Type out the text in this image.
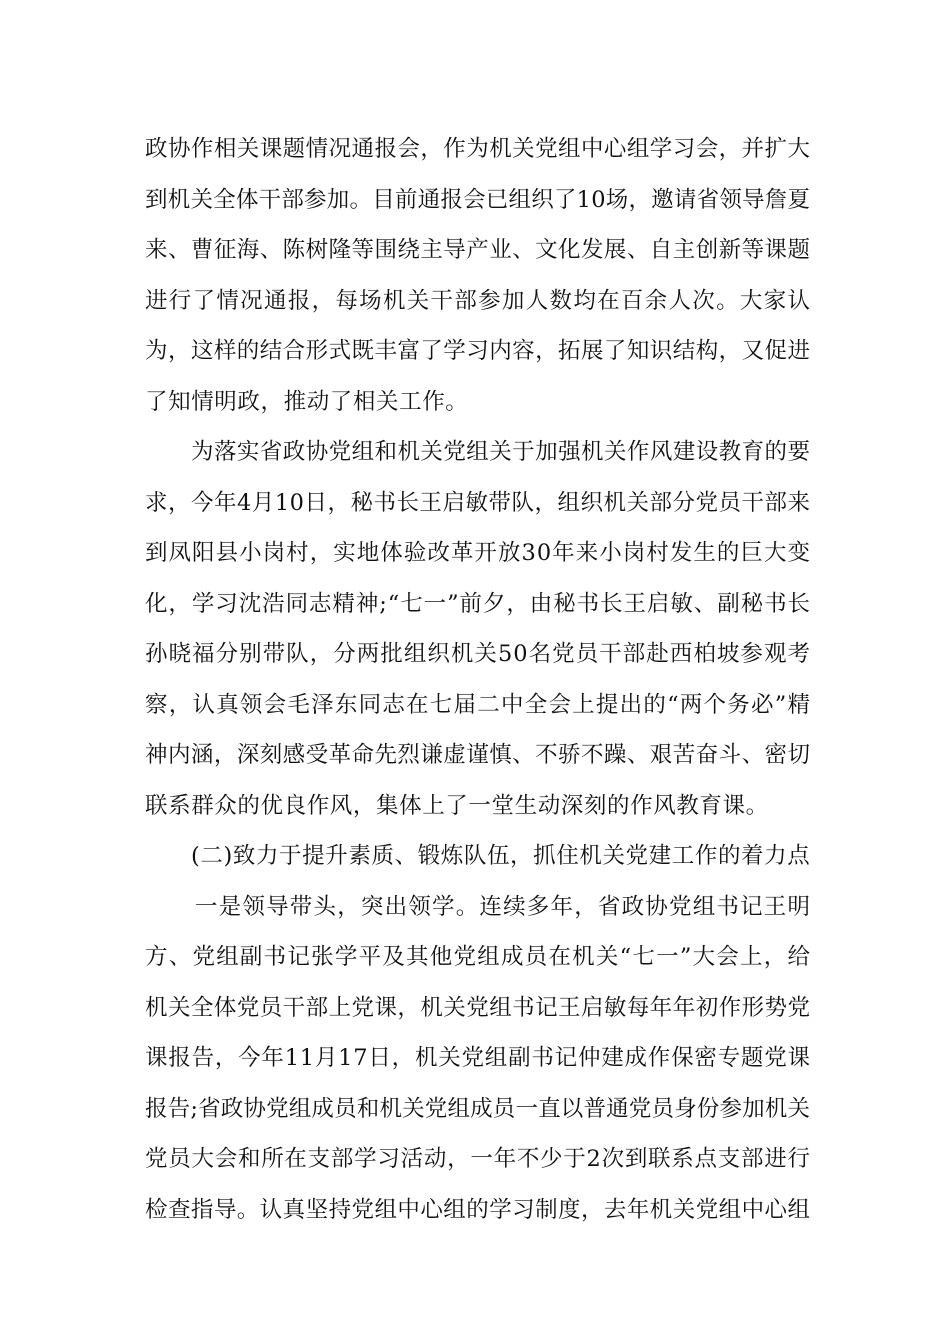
政协作相关课题情况通报会，作为机关党组中心组学习会，并扩大
到机关全体干部参加。目前通报会已组织了10场，邀请省领导詹夏
来、曹征海、陈树隆等围绕主导产业、文化发展、自主创新等课题
进行了情况通报，每场机关干部参加人数均在百余人次。大家认
为，这样的结合形式既丰富了学习内容，拓展了知识结构，又促进
了知情明政，推动了相关工作。
为落实省政协党组和机关党组关于加强机关作风建设教育的要
求，今年4月10日，秘书长王启敏带队，组织机关部分党员干部来
到凤阳县小岗村，实地体验改革开放30年来小岗村发生的巨大变
化，学习沈浩同志精神;“七一”前夕，由秘书长王启敏、副秘书长
孙晓福分别带队，分两批组织机关50名党员干部赴西柏坡参观考
察，认真领会毛泽东同志在七届二中全会上提出的“两个务必”精
神内涵，深刻感受革命先烈谦虚谨慎、不骄不躁、艰苦奋斗、密切
联系群众的优良作风，集体上了一堂生动深刻的作风教育课。
(二)致力于提升素质、锻炼队伍，抓住机关党建工作的着力点
一是领导带头，突出领学。连续多年，省政协党组书记王明
方、党组副书记张学平及其他党组成员在机关“七一”大会上，给
机关全体党员干部上党课，机关党组书记王启敏每年年初作形势党
课报告，今年11月17日，机关党组副书记仲建成作保密专题党课
报告;省政协党组成员和机关党组成员一直以普通党员身份参加机关
党员大会和所在支部学习活动，一年不少于2次到联系点支部进行
检查指导。认真坚持党组中心组的学习制度，去年机关党组中心组
